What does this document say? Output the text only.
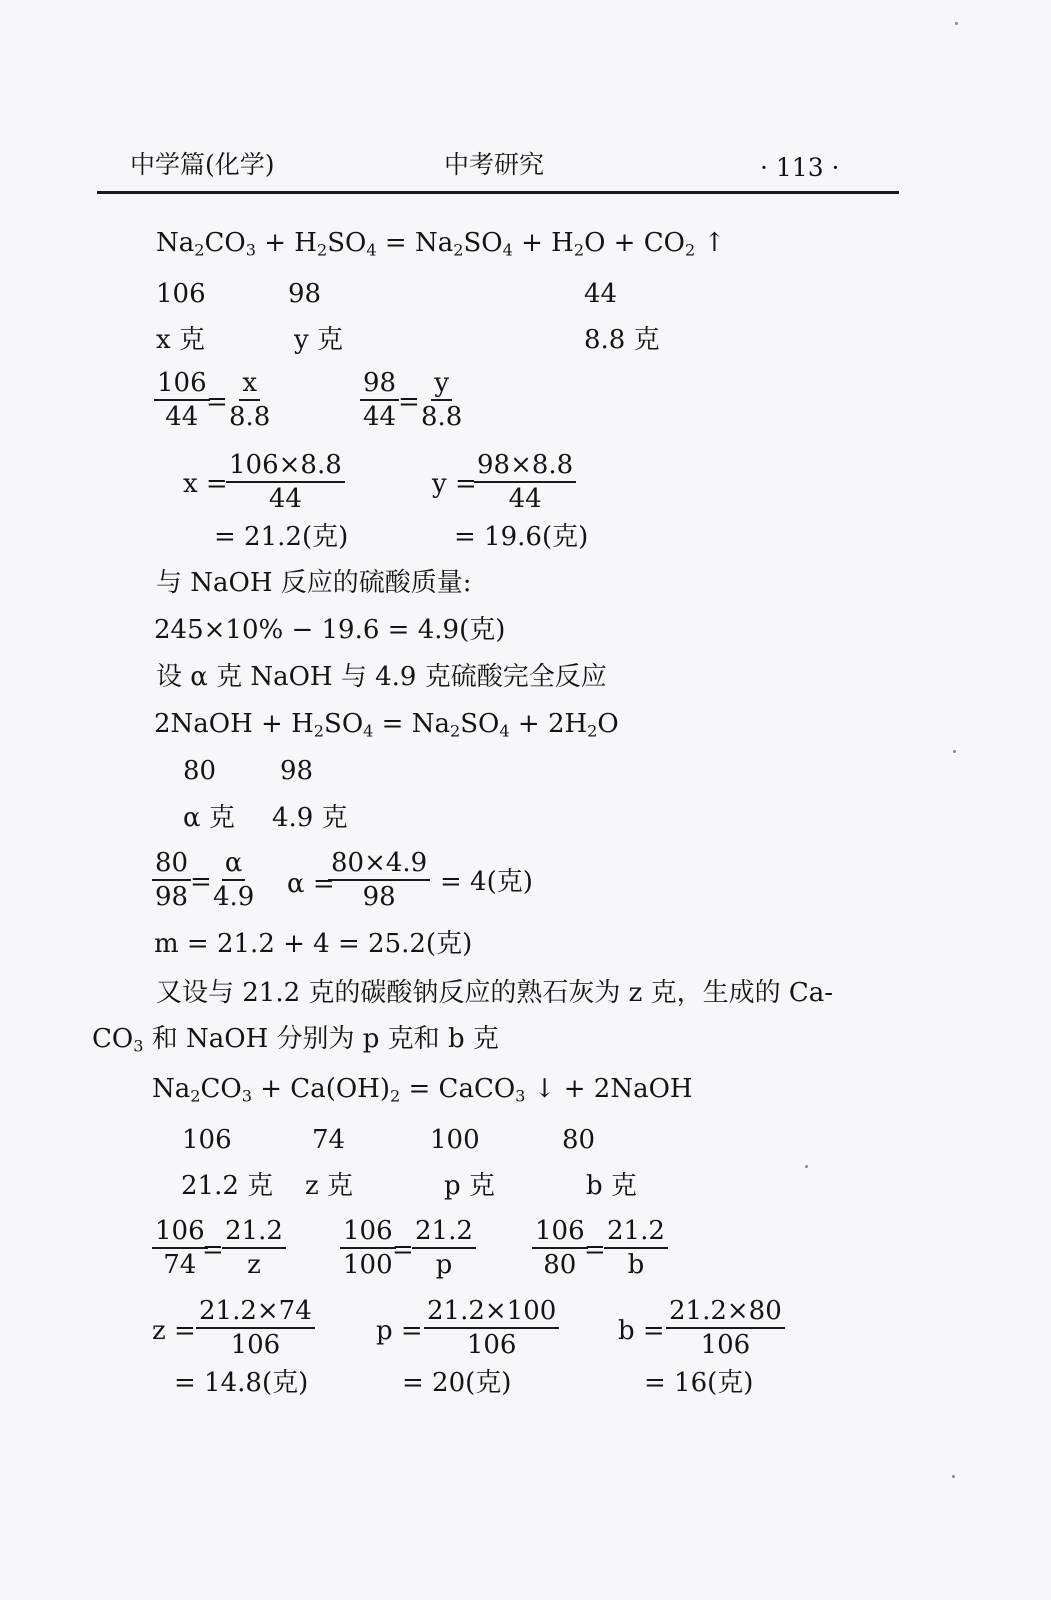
中学篇(化学)	中考研究	· 113 ·
$Na_2CO_3 + H_2SO_4 = Na_2SO_4 + H_2O + CO_2$ ↑
106	98	44
x 克	y 克	8.8 克
$\frac{106}{44}$
=
$\frac{x}{8.8}$	$\frac{98}{44}$
=
$\frac{y}{8.8}$
x =
$\frac{106\times 8.8}{44}$
= 21.2(克)
y =
$\frac{98\times 8.8}{44}$
= 19.6(克)
与 NaOH 反应的硫酸质量:
245×10% − 19.6 = 4.9(克)
设 α 克 NaOH 与 4.9 克硫酸完全反应
2NaOH + $H_2SO_4 = Na_2SO_4 + 2H_2O$
80 98
α 克 4.9 克
$\frac{80}{98}$
=
$\frac{\alpha}{4.9}$ α =
$\frac{80\times 4.9}{98} = 4$(克)
m = 21.2 + 4 = 25.2(克)
又设与 21.2 克的碳酸钠反应的熟石灰为 z 克，生成的 Ca-
$CO_3$ 和 NaOH 分别为 p 克和 b 克
$Na_2CO_3 + Ca(OH)_2$ = CaCO$_3$ ↓ + 2NaOH
106	74	100	80
21.2 克 z 克	p 克	b 克
$\frac{106}{74}$
=
$\frac{21.2}{z} \frac{106}{100}$
=
$\frac{21.2}{p} \frac{106}{80}$
=
$\frac{21.2}{b}$
$z = \frac{21.2\times 74}{106}$
= 14.8(克)
$p = \frac{21.2\times 100}{106}$
= 20(克)
$b = \frac{21.2\times 80}{106}$
= 16(克)
